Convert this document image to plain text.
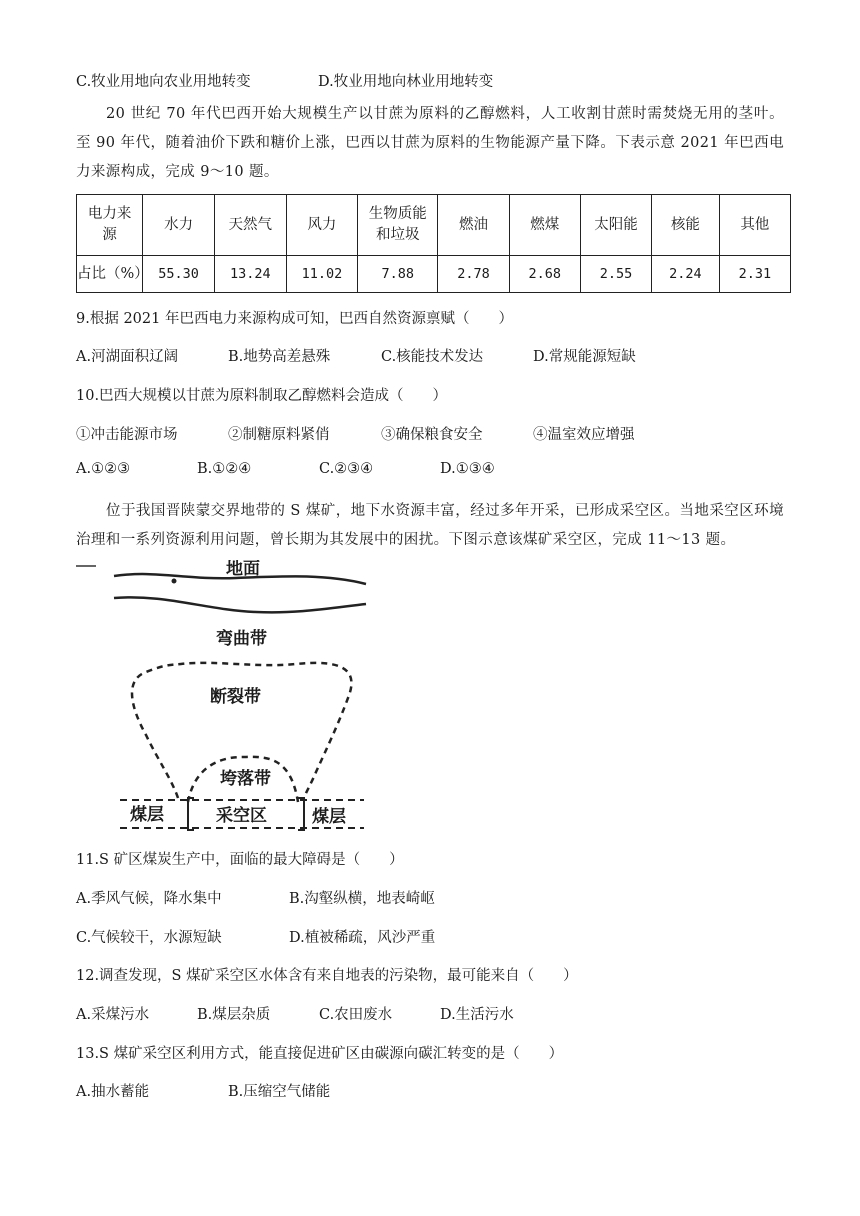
C.牧业用地向农业用地转变	D.牧业用地向林业用地转变
20 世纪 70 年代巴西开始大规模生产以甘蔗为原料的乙醇燃料，人工收割甘蔗时需焚烧无用的茎叶。至 90 年代，随着油价下跌和糖价上涨，巴西以甘蔗为原料的生物能源产量下降。下表示意 2021 年巴西电力来源构成，完成 9～10 题。
电力来源	水力	天然气	风力	生物质能和垃圾	燃油	燃煤	太阳能	核能	其他
占比（%）	55.30	13.24	11.02	7.88	2.78	2.68	2.55	2.24	2.31
9.根据 2021 年巴西电力来源构成可知，巴西自然资源禀赋（　　）
A.河湖面积辽阔	B.地势高差悬殊	C.核能技术发达	D.常规能源短缺
10.巴西大规模以甘蔗为原料制取乙醇燃料会造成（　　）
①冲击能源市场	②制糖原料紧俏	③确保粮食安全	④温室效应增强
A.①②③	B.①②④	C.②③④	D.①③④
位于我国晋陕蒙交界地带的 S 煤矿，地下水资源丰富，经过多年开采，已形成采空区。当地采空区环境治理和一系列资源利用问题，曾长期为其发展中的困扰。下图示意该煤矿采空区，完成 11～13 题。
地面
弯曲带
断裂带
垮落带
煤层	采空区	煤层
11.S 矿区煤炭生产中，面临的最大障碍是（　　）
A.季风气候，降水集中	B.沟壑纵横，地表崎岖
C.气候较干，水源短缺	D.植被稀疏，风沙严重
12.调查发现，S 煤矿采空区水体含有来自地表的污染物，最可能来自（　　）
A.采煤污水	B.煤层杂质	C.农田废水	D.生活污水
13.S 煤矿采空区利用方式，能直接促进矿区由碳源向碳汇转变的是（　　）
A.抽水蓄能	B.压缩空气储能
